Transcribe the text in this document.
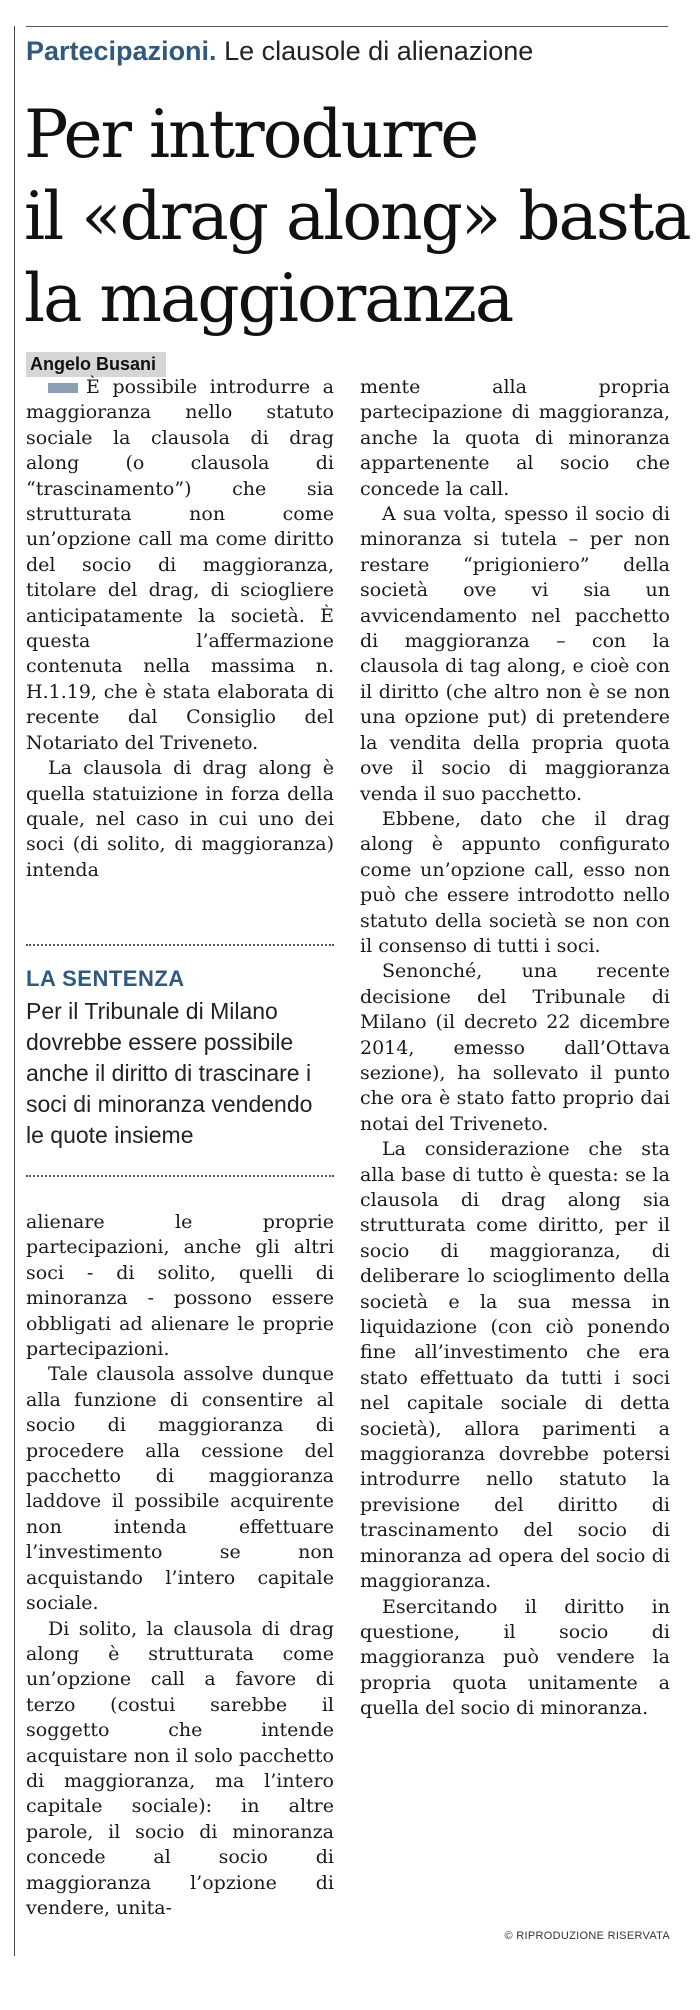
Partecipazioni. Le clausole di alienazione
Per introdurre
il «drag along» basta
la maggioranza
Angelo Busani

È possibile introdurre a maggioranza nello statuto sociale la clausola di drag along (o clausola di “trascinamento”) che sia strutturata non come un’opzione call ma come diritto del socio di maggioranza, titolare del drag, di sciogliere anticipatamente la società. È questa l’affermazione contenuta nella massima n. H.1.19, che è stata elaborata di recente dal Consiglio del Notariato del Triveneto.

La clausola di drag along è quella statuizione in forza della quale, nel caso in cui uno dei soci (di solito, di maggioranza) intenda

LA SENTENZA
Per il Tribunale di Milano dovrebbe essere possibile anche il diritto di trascinare i soci di minoranza vendendo le quote insieme

alienare le proprie partecipazioni, anche gli altri soci - di solito, quelli di minoranza - possono essere obbligati ad alienare le proprie partecipazioni.

Tale clausola assolve dunque alla funzione di consentire al socio di maggioranza di procedere alla cessione del pacchetto di maggioranza laddove il possibile acquirente non intenda effettuare l’investimento se non acquistando l’intero capitale sociale.

Di solito, la clausola di drag along è strutturata come un’opzione call a favore di terzo (costui sarebbe il soggetto che intende acquistare non il solo pacchetto di maggioranza, ma l’intero capitale sociale): in altre parole, il socio di minoranza concede al socio di maggioranza l’opzione di vendere, unita-

mente alla propria partecipazione di maggioranza, anche la quota di minoranza appartenente al socio che concede la call.

A sua volta, spesso il socio di minoranza si tutela – per non restare “prigioniero” della società ove vi sia un avvicendamento nel pacchetto di maggioranza – con la clausola di tag along, e cioè con il diritto (che altro non è se non una opzione put) di pretendere la vendita della propria quota ove il socio di maggioranza venda il suo pacchetto.

Ebbene, dato che il drag along è appunto configurato come un’opzione call, esso non può che essere introdotto nello statuto della società se non con il consenso di tutti i soci.

Senonché, una recente decisione del Tribunale di Milano (il decreto 22 dicembre 2014, emesso dall’Ottava sezione), ha sollevato il punto che ora è stato fatto proprio dai notai del Triveneto.

La considerazione che sta alla base di tutto è questa: se la clausola di drag along sia strutturata come diritto, per il socio di maggioranza, di deliberare lo scioglimento della società e la sua messa in liquidazione (con ciò ponendo fine all’investimento che era stato effettuato da tutti i soci nel capitale sociale di detta società), allora parimenti a maggioranza dovrebbe potersi introdurre nello statuto la previsione del diritto di trascinamento del socio di minoranza ad opera del socio di maggioranza.

Esercitando il diritto in questione, il socio di maggioranza può vendere la propria quota unitamente a quella del socio di minoranza.

© RIPRODUZIONE RISERVATA
